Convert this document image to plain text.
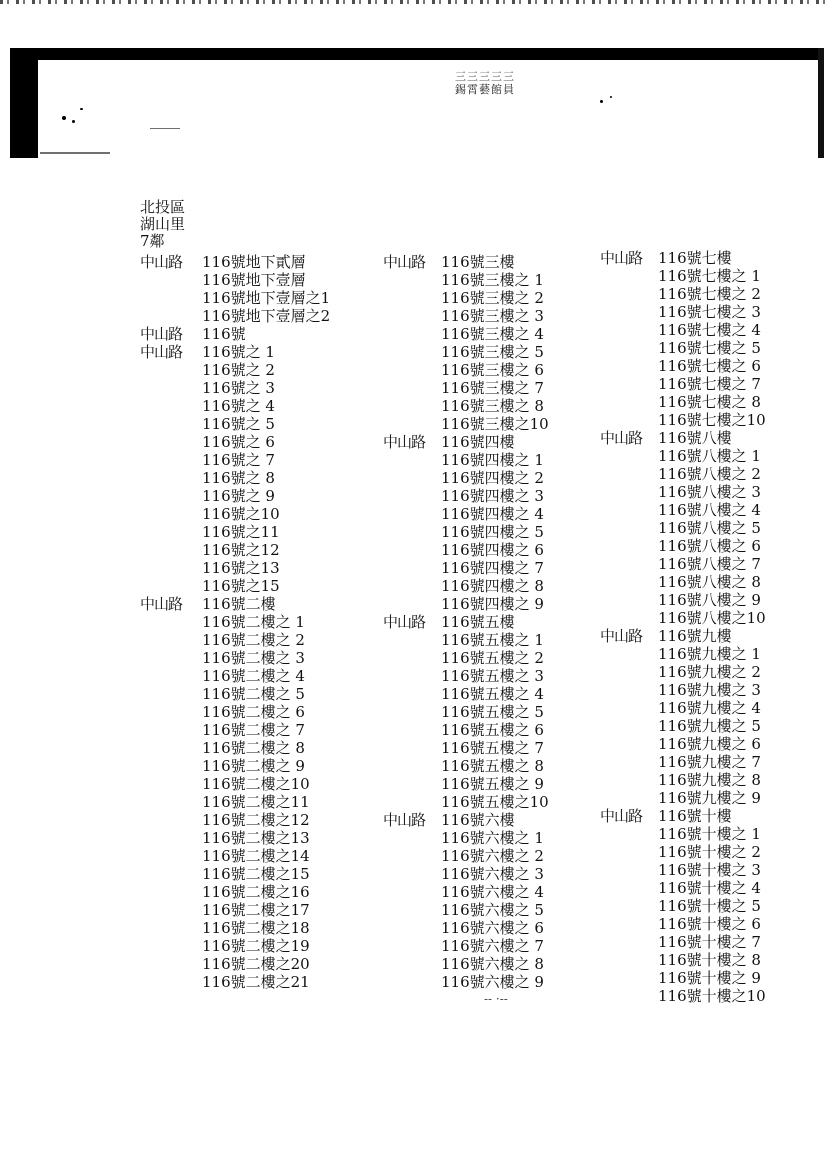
三三三三三
錫霄藝館員
北投區
湖山里
7鄰
中山路 116號地下貳層
116號地下壹層
116號地下壹層之1
116號地下壹層之2
中山路 116號
中山路 116號之 1
116號之 2
116號之 3
116號之 4
116號之 5
116號之 6
116號之 7
116號之 8
116號之 9
116號之10
116號之11
116號之12
116號之13
116號之15
中山路 116號二樓
116號二樓之 1
116號二樓之 2
116號二樓之 3
116號二樓之 4
116號二樓之 5
116號二樓之 6
116號二樓之 7
116號二樓之 8
116號二樓之 9
116號二樓之10
116號二樓之11
116號二樓之12
116號二樓之13
116號二樓之14
116號二樓之15
116號二樓之16
116號二樓之17
116號二樓之18
116號二樓之19
116號二樓之20
116號二樓之21
中山路 116號三樓
116號三樓之 1
116號三樓之 2
116號三樓之 3
116號三樓之 4
116號三樓之 5
116號三樓之 6
116號三樓之 7
116號三樓之 8
116號三樓之10
中山路 116號四樓
116號四樓之 1
116號四樓之 2
116號四樓之 3
116號四樓之 4
116號四樓之 5
116號四樓之 6
116號四樓之 7
116號四樓之 8
116號四樓之 9
中山路 116號五樓
116號五樓之 1
116號五樓之 2
116號五樓之 3
116號五樓之 4
116號五樓之 5
116號五樓之 6
116號五樓之 7
116號五樓之 8
116號五樓之 9
116號五樓之10
中山路 116號六樓
116號六樓之 1
116號六樓之 2
116號六樓之 3
116號六樓之 4
116號六樓之 5
116號六樓之 6
116號六樓之 7
116號六樓之 8
116號六樓之 9
中山路 116號七樓
116號七樓之 1
116號七樓之 2
116號七樓之 3
116號七樓之 4
116號七樓之 5
116號七樓之 6
116號七樓之 7
116號七樓之 8
116號七樓之10
中山路 116號八樓
116號八樓之 1
116號八樓之 2
116號八樓之 3
116號八樓之 4
116號八樓之 5
116號八樓之 6
116號八樓之 7
116號八樓之 8
116號八樓之 9
116號八樓之10
中山路 116號九樓
116號九樓之 1
116號九樓之 2
116號九樓之 3
116號九樓之 4
116號九樓之 5
116號九樓之 6
116號九樓之 7
116號九樓之 8
116號九樓之 9
中山路 116號十樓
116號十樓之 1
116號十樓之 2
116號十樓之 3
116號十樓之 4
116號十樓之 5
116號十樓之 6
116號十樓之 7
116號十樓之 8
116號十樓之 9
116號十樓之10
-- ·--
